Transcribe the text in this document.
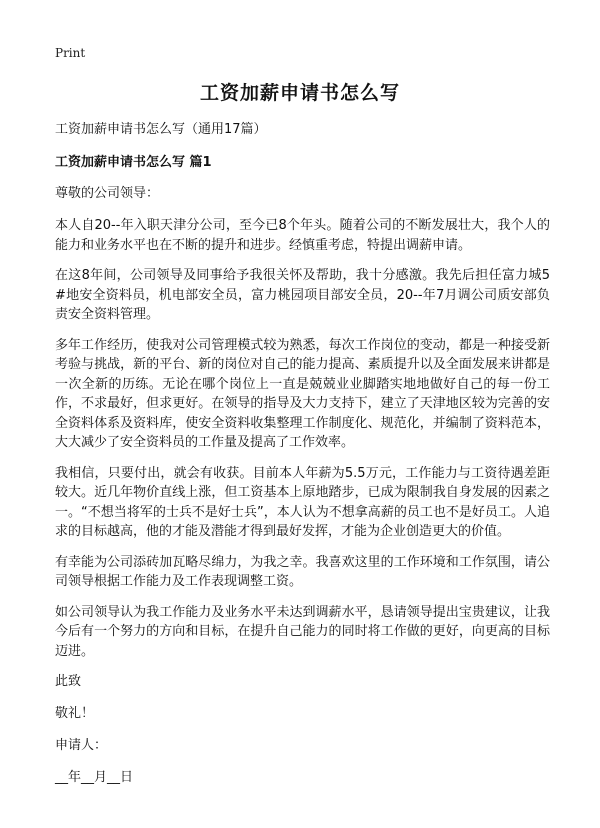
Print
工资加薪申请书怎么写

工资加薪申请书怎么写（通用17篇）

工资加薪申请书怎么写 篇1

尊敬的公司领导：

本人自20--年入职天津分公司，至今已8个年头。随着公司的不断发展壮大，我个人的能力和业务水平也在不断的提升和进步。经慎重考虑，特提出调薪申请。

在这8年间，公司领导及同事给予我很关怀及帮助，我十分感激。我先后担任富力城5#地安全资料员，机电部安全员，富力桃园项目部安全员，20--年7月调公司质安部负责安全资料管理。

多年工作经历，使我对公司管理模式较为熟悉，每次工作岗位的变动，都是一种接受新考验与挑战，新的平台、新的岗位对自己的能力提高、素质提升以及全面发展来讲都是一次全新的历练。无论在哪个岗位上一直是兢兢业业脚踏实地地做好自己的每一份工作，不求最好，但求更好。在领导的指导及大力支持下，建立了天津地区较为完善的安全资料体系及资料库，使安全资料收集整理工作制度化、规范化，并编制了资料范本，大大减少了安全资料员的工作量及提高了工作效率。

我相信，只要付出，就会有收获。目前本人年薪为5.5万元，工作能力与工资待遇差距较大。近几年物价直线上涨，但工资基本上原地踏步，已成为限制我自身发展的因素之一。“不想当将军的士兵不是好士兵”，本人认为不想拿高薪的员工也不是好员工。人追求的目标越高，他的才能及潜能才得到最好发挥，才能为企业创造更大的价值。

有幸能为公司添砖加瓦略尽绵力，为我之幸。我喜欢这里的工作环境和工作氛围，请公司领导根据工作能力及工作表现调整工资。

如公司领导认为我工作能力及业务水平未达到调薪水平，恳请领导提出宝贵建议，让我今后有一个努力的方向和目标，在提升自己能力的同时将工作做的更好，向更高的目标迈进。

此致

敬礼！

申请人：

__年__月__日
